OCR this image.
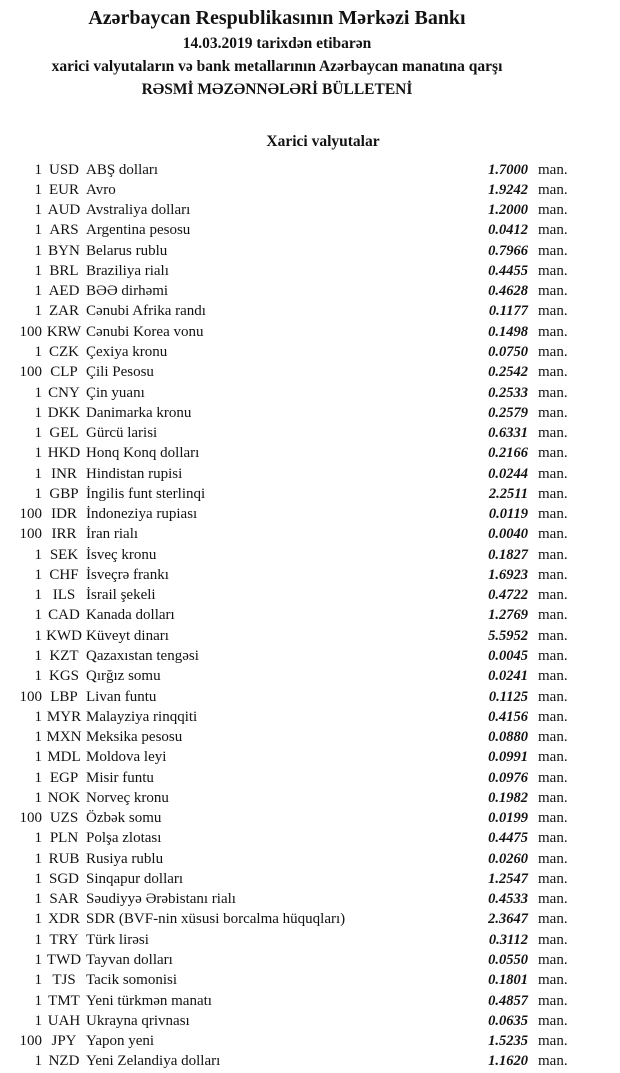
Azərbaycan Respublikasının Mərkəzi Bankı
14.03.2019 tarixdən etibarən
xarici valyutaların və bank metallarının Azərbaycan manatına qarşı
RƏSMİ MƏZƏNNƏLƏRİ BÜLLETENİ
Xarici valyutalar
1 USD ABŞ dolları	1.7000 man.
1 EUR Avro	1.9242 man.
1 AUD Avstraliya dolları	1.2000 man.
1 ARS Argentina pesosu	0.0412 man.
1 BYN Belarus rublu	0.7966 man.
1 BRL Braziliya rialı	0.4455 man.
1 AED BƏƏ dirhəmi	0.4628 man.
1 ZAR Cənubi Afrika randı	0.1177 man.
100 KRW Cənubi Korea vonu	0.1498 man.
1 CZK Çexiya kronu	0.0750 man.
100 CLP Çili Pesosu	0.2542 man.
1 CNY Çin yuanı	0.2533 man.
1 DKK Danimarka kronu	0.2579 man.
1 GEL Gürcü larisi	0.6331 man.
1 HKD Honq Konq dolları	0.2166 man.
1 INR Hindistan rupisi	0.0244 man.
1 GBP İngilis funt sterlinqi	2.2511 man.
100 IDR İndoneziya rupiası	0.0119 man.
100 IRR İran rialı	0.0040 man.
1 SEK İsveç kronu	0.1827 man.
1 CHF İsveçrə frankı	1.6923 man.
1 ILS İsrail şekeli	0.4722 man.
1 CAD Kanada dolları	1.2769 man.
1 KWD Küveyt dinarı	5.5952 man.
1 KZT Qazaxıstan tengəsi	0.0045 man.
1 KGS Qırğız somu	0.0241 man.
100 LBP Livan funtu	0.1125 man.
1 MYR Malayziya rinqqiti	0.4156 man.
1 MXN Meksika pesosu	0.0880 man.
1 MDL Moldova leyi	0.0991 man.
1 EGP Misir funtu	0.0976 man.
1 NOK Norveç kronu	0.1982 man.
100 UZS Özbək somu	0.0199 man.
1 PLN Polşa zlotası	0.4475 man.
1 RUB Rusiya rublu	0.0260 man.
1 SGD Sinqapur dolları	1.2547 man.
1 SAR Səudiyyə Ərəbistanı rialı	0.4533 man.
1 XDR SDR (BVF-nin xüsusi borcalma hüquqları)	2.3647 man.
1 TRY Türk lirəsi	0.3112 man.
1 TWD Tayvan dolları	0.0550 man.
1 TJS Tacik somonisi	0.1801 man.
1 TMT Yeni türkmən manatı	0.4857 man.
1 UAH Ukrayna qrivnası	0.0635 man.
100 JPY Yapon yeni	1.5235 man.
1 NZD Yeni Zelandiya dolları	1.1620 man.
